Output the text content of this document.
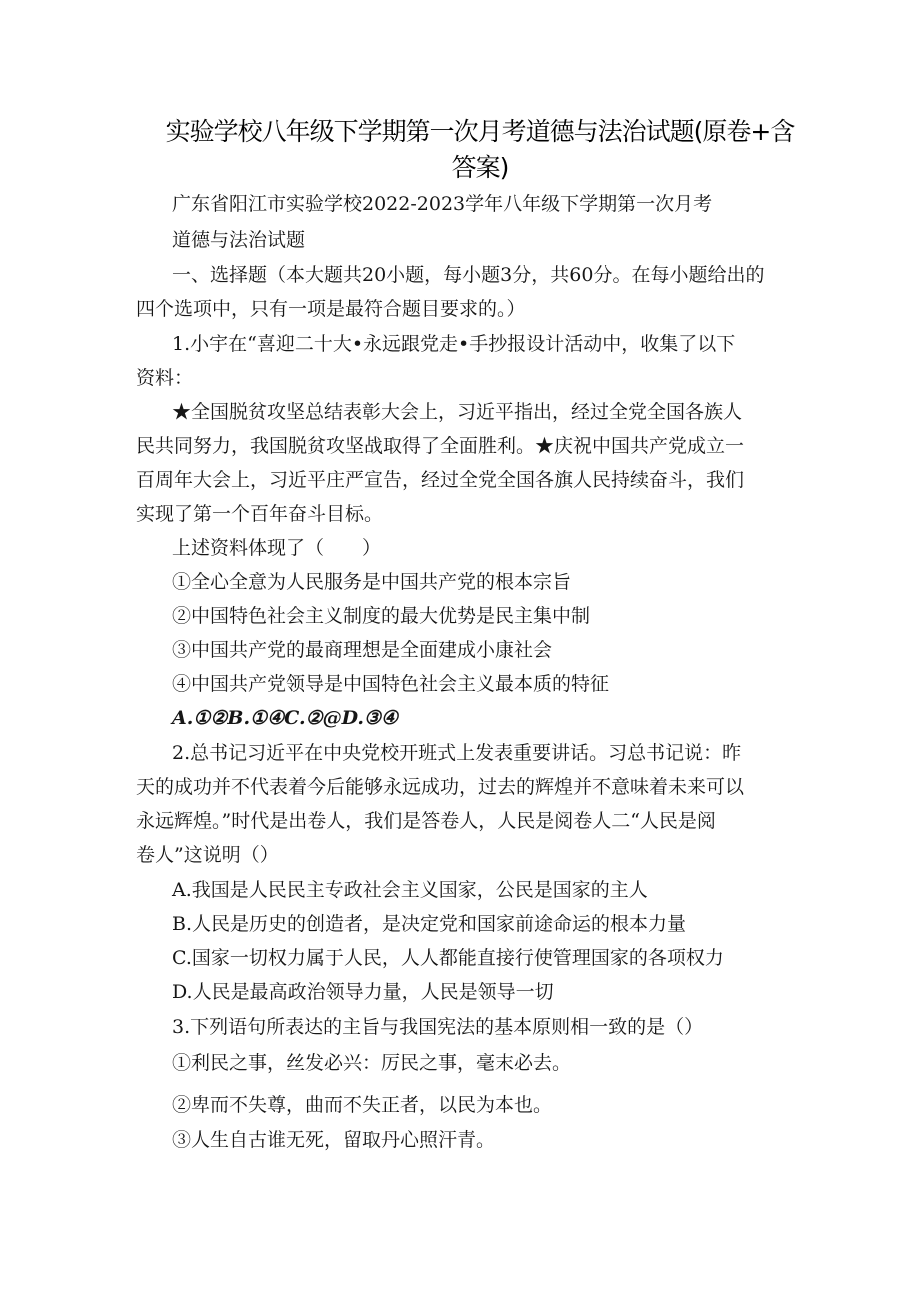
实验学校八年级下学期第一次月考道德与法治试题(原卷+含
答案)
广东省阳江市实验学校2022-2023学年八年级下学期第一次月考
道德与法治试题
一、选择题（本大题共20小题，每小题3分，共60分。在每小题给出的
四个选项中，只有一项是最符合题目要求的。）
1.小宇在“喜迎二十大•永远跟党走•手抄报设计活动中，收集了以下
资料：
★全国脱贫攻坚总结表彰大会上，习近平指出，经过全党全国各族人
民共同努力，我国脱贫攻坚战取得了全面胜利。★庆祝中国共产党成立一
百周年大会上，习近平庄严宣告，经过全党全国各旗人民持续奋斗，我们
实现了第一个百年奋斗目标。
上述资料体现了（　　）
①全心全意为人民服务是中国共产党的根本宗旨
②中国特色社会主义制度的最大优势是民主集中制
③中国共产党的最商理想是全面建成小康社会
④中国共产党领导是中国特色社会主义最本质的特征
A.①②B.①④C.②@D.③④
2.总书记习近平在中央党校开班式上发表重要讲话。习总书记说：昨
天的成功并不代表着今后能够永远成功，过去的辉煌并不意味着未来可以
永远辉煌。”时代是出卷人，我们是答卷人，人民是阅卷人二“人民是阅
卷人”这说明（）
A.我国是人民民主专政社会主义国家，公民是国家的主人
B.人民是历史的创造者，是决定党和国家前途命运的根本力量
C.国家一切权力属于人民，人人都能直接行使管理国家的各项权力
D.人民是最高政治领导力量，人民是领导一切
3.下列语句所表达的主旨与我国宪法的基本原则相一致的是（）
①利民之事，丝发必兴：厉民之事，毫末必去。
②卑而不失尊，曲而不失正者，以民为本也。
③人生自古谁无死，留取丹心照汗青。
